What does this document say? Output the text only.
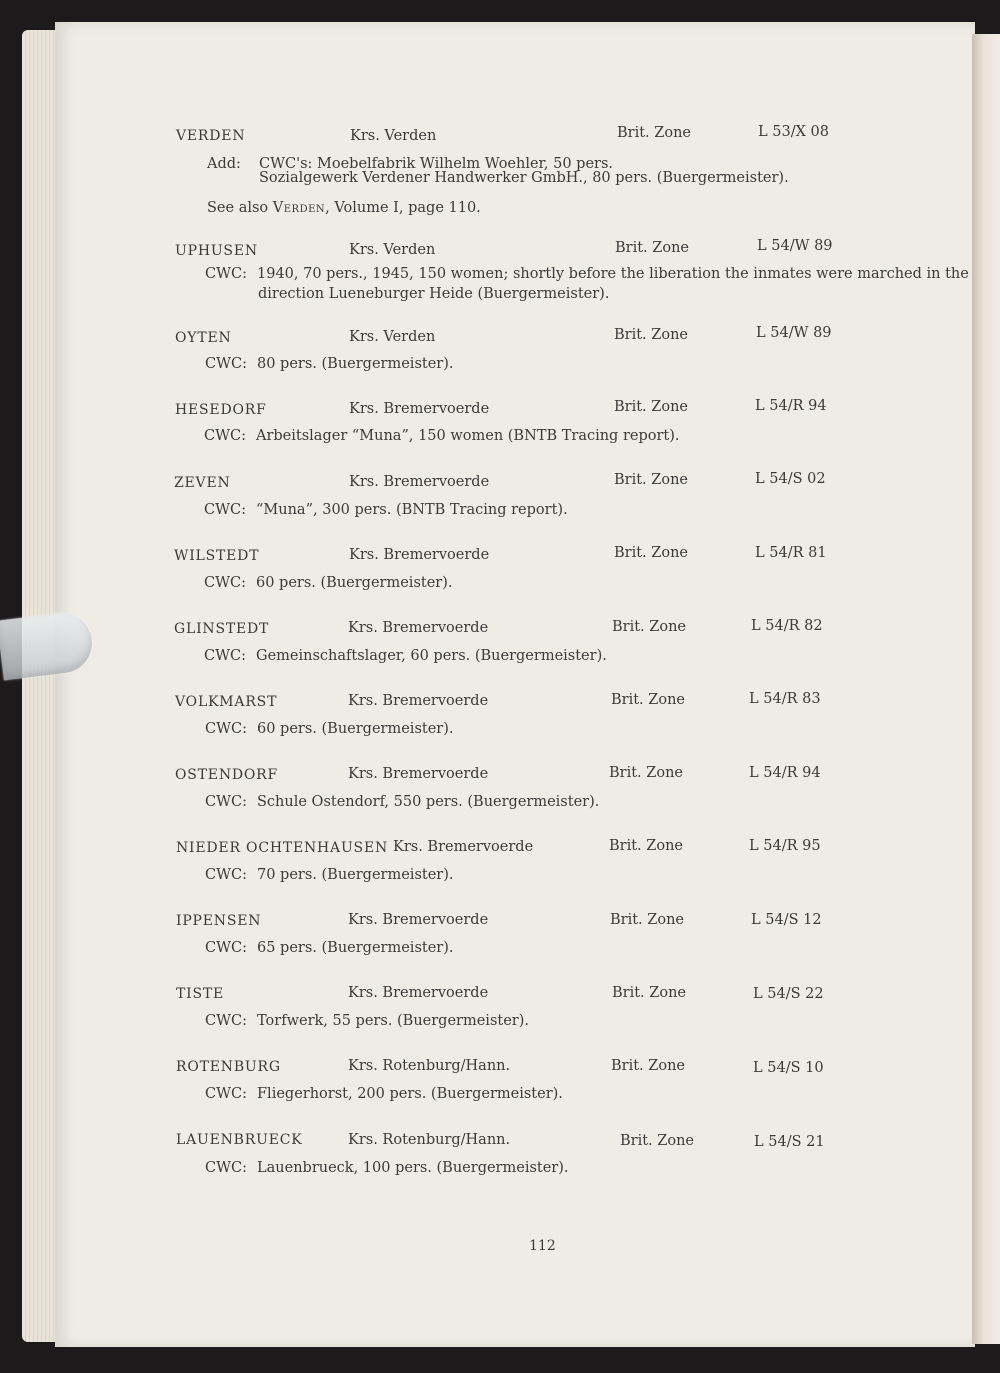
VERDEN	Krs. Verden	Brit. Zone	L 53/X 08
Add: CWC's: Moebelfabrik Wilhelm Woehler, 50 pers.
Sozialgewerk Verdener Handwerker GmbH., 80 pers. (Buergermeister).
See also Verden, Volume I, page 110.
UPHUSEN	Krs. Verden	Brit. Zone	L 54/W 89
CWC: 1940, 70 pers., 1945, 150 women; shortly before the liberation the inmates were marched in the
direction Lueneburger Heide (Buergermeister).
OYTEN	Krs. Verden	Brit. Zone	L 54/W 89
CWC: 80 pers. (Buergermeister).
HESEDORF	Krs. Bremervoerde	Brit. Zone	L 54/R 94
CWC: Arbeitslager “Muna”, 150 women (BNTB Tracing report).
ZEVEN	Krs. Bremervoerde	Brit. Zone	L 54/S 02
CWC: “Muna”, 300 pers. (BNTB Tracing report).
WILSTEDT	Krs. Bremervoerde	Brit. Zone	L 54/R 81
CWC: 60 pers. (Buergermeister).
GLINSTEDT	Krs. Bremervoerde	Brit. Zone	L 54/R 82
CWC: Gemeinschaftslager, 60 pers. (Buergermeister).
VOLKMARST	Krs. Bremervoerde	Brit. Zone	L 54/R 83
CWC: 60 pers. (Buergermeister).
OSTENDORF	Krs. Bremervoerde	Brit. Zone	L 54/R 94
CWC: Schule Ostendorf, 550 pers. (Buergermeister).
NIEDER OCHTENHAUSEN Krs. Bremervoerde	Brit. Zone	L 54/R 95
CWC: 70 pers. (Buergermeister).
IPPENSEN	Krs. Bremervoerde	Brit. Zone	L 54/S 12
CWC: 65 pers. (Buergermeister).
TISTE	Krs. Bremervoerde	Brit. Zone	L 54/S 22
CWC: Torfwerk, 55 pers. (Buergermeister).
ROTENBURG	Krs. Rotenburg/Hann.	Brit. Zone	L 54/S 10
CWC: Fliegerhorst, 200 pers. (Buergermeister).
LAUENBRUECK	Krs. Rotenburg/Hann.	Brit. Zone	L 54/S 21
CWC: Lauenbrueck, 100 pers. (Buergermeister).
112
